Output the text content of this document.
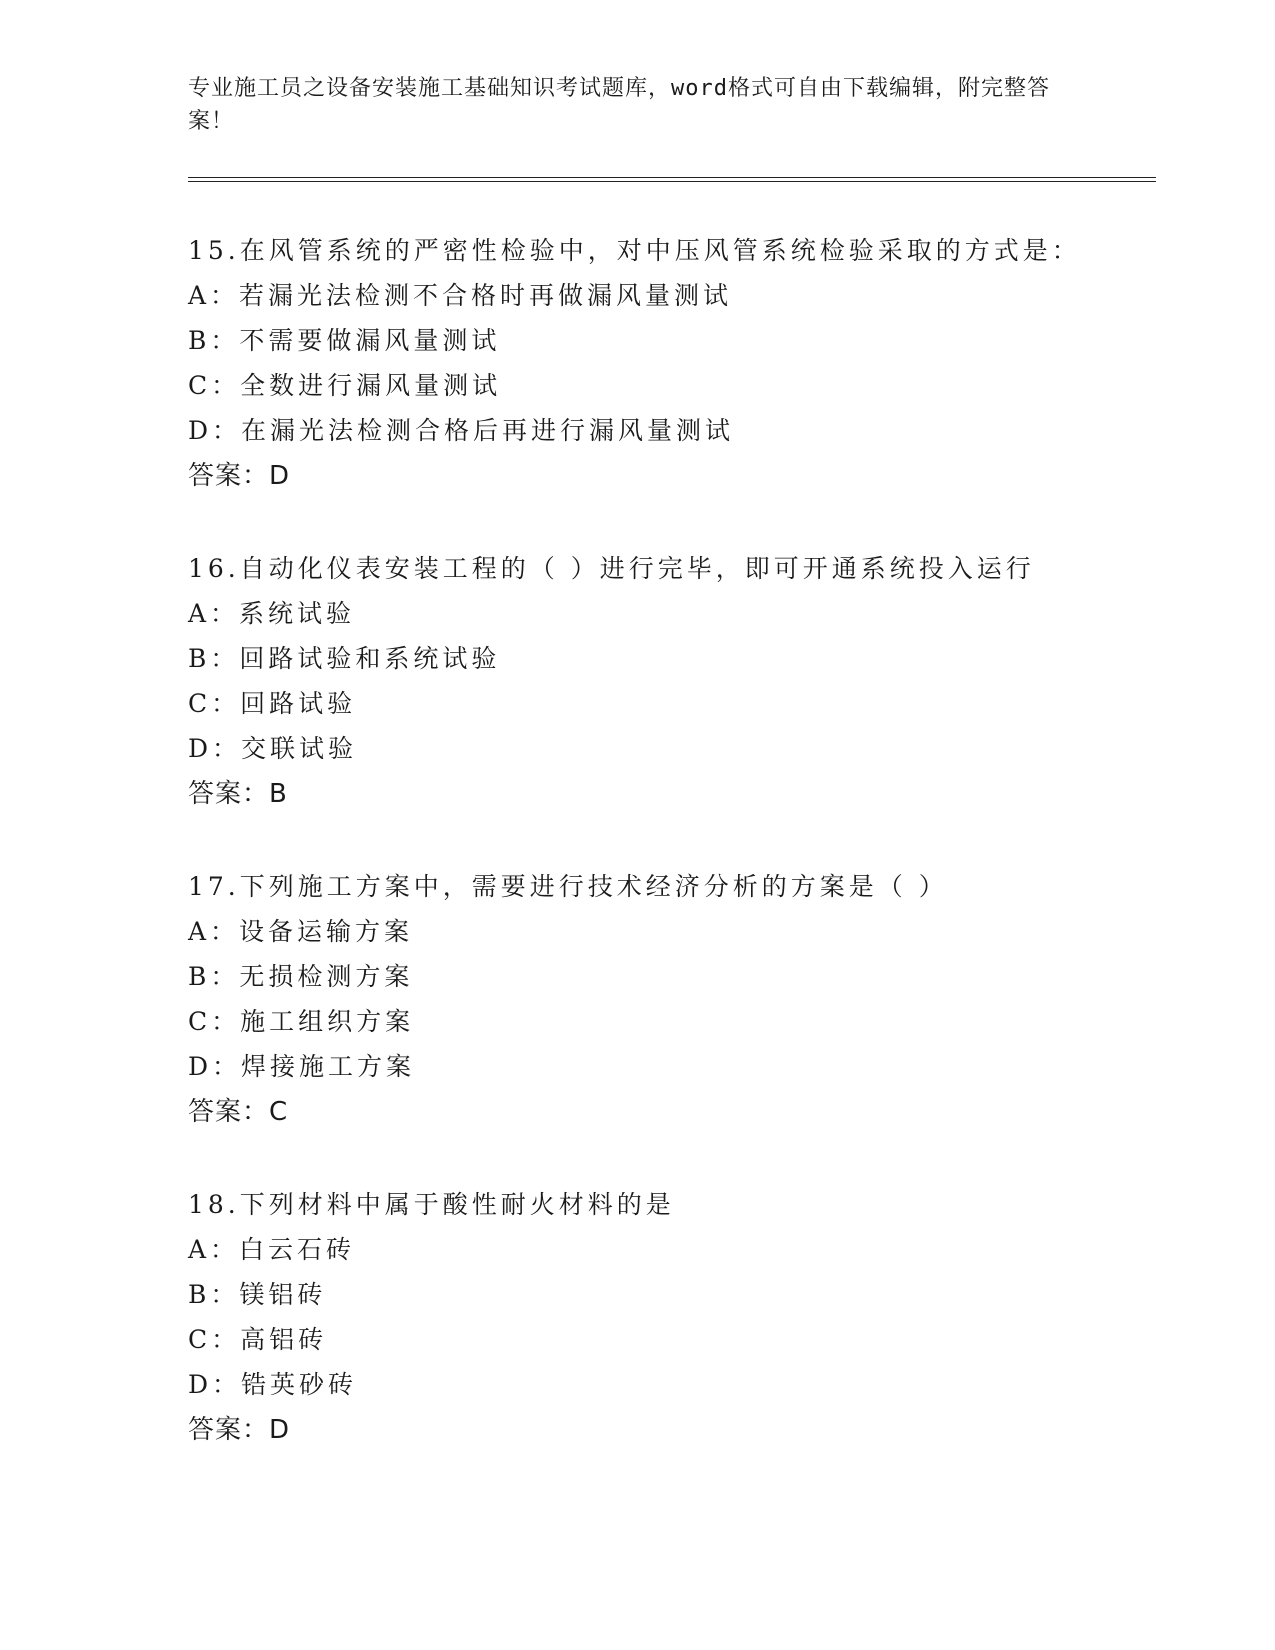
专业施工员之设备安装施工基础知识考试题库，word格式可自由下载编辑，附完整答案！
15.在风管系统的严密性检验中，对中压风管系统检验采取的方式是：
A：若漏光法检测不合格时再做漏风量测试
B：不需要做漏风量测试
C：全数进行漏风量测试
D：在漏光法检测合格后再进行漏风量测试
答案：D
16.自动化仪表安装工程的（ ）进行完毕，即可开通系统投入运行
A：系统试验
B：回路试验和系统试验
C：回路试验
D：交联试验
答案：B
17.下列施工方案中，需要进行技术经济分析的方案是（ ）
A：设备运输方案
B：无损检测方案
C：施工组织方案
D：焊接施工方案
答案：C
18.下列材料中属于酸性耐火材料的是
A：白云石砖
B：镁铝砖
C：高铝砖
D：锆英砂砖
答案：D
